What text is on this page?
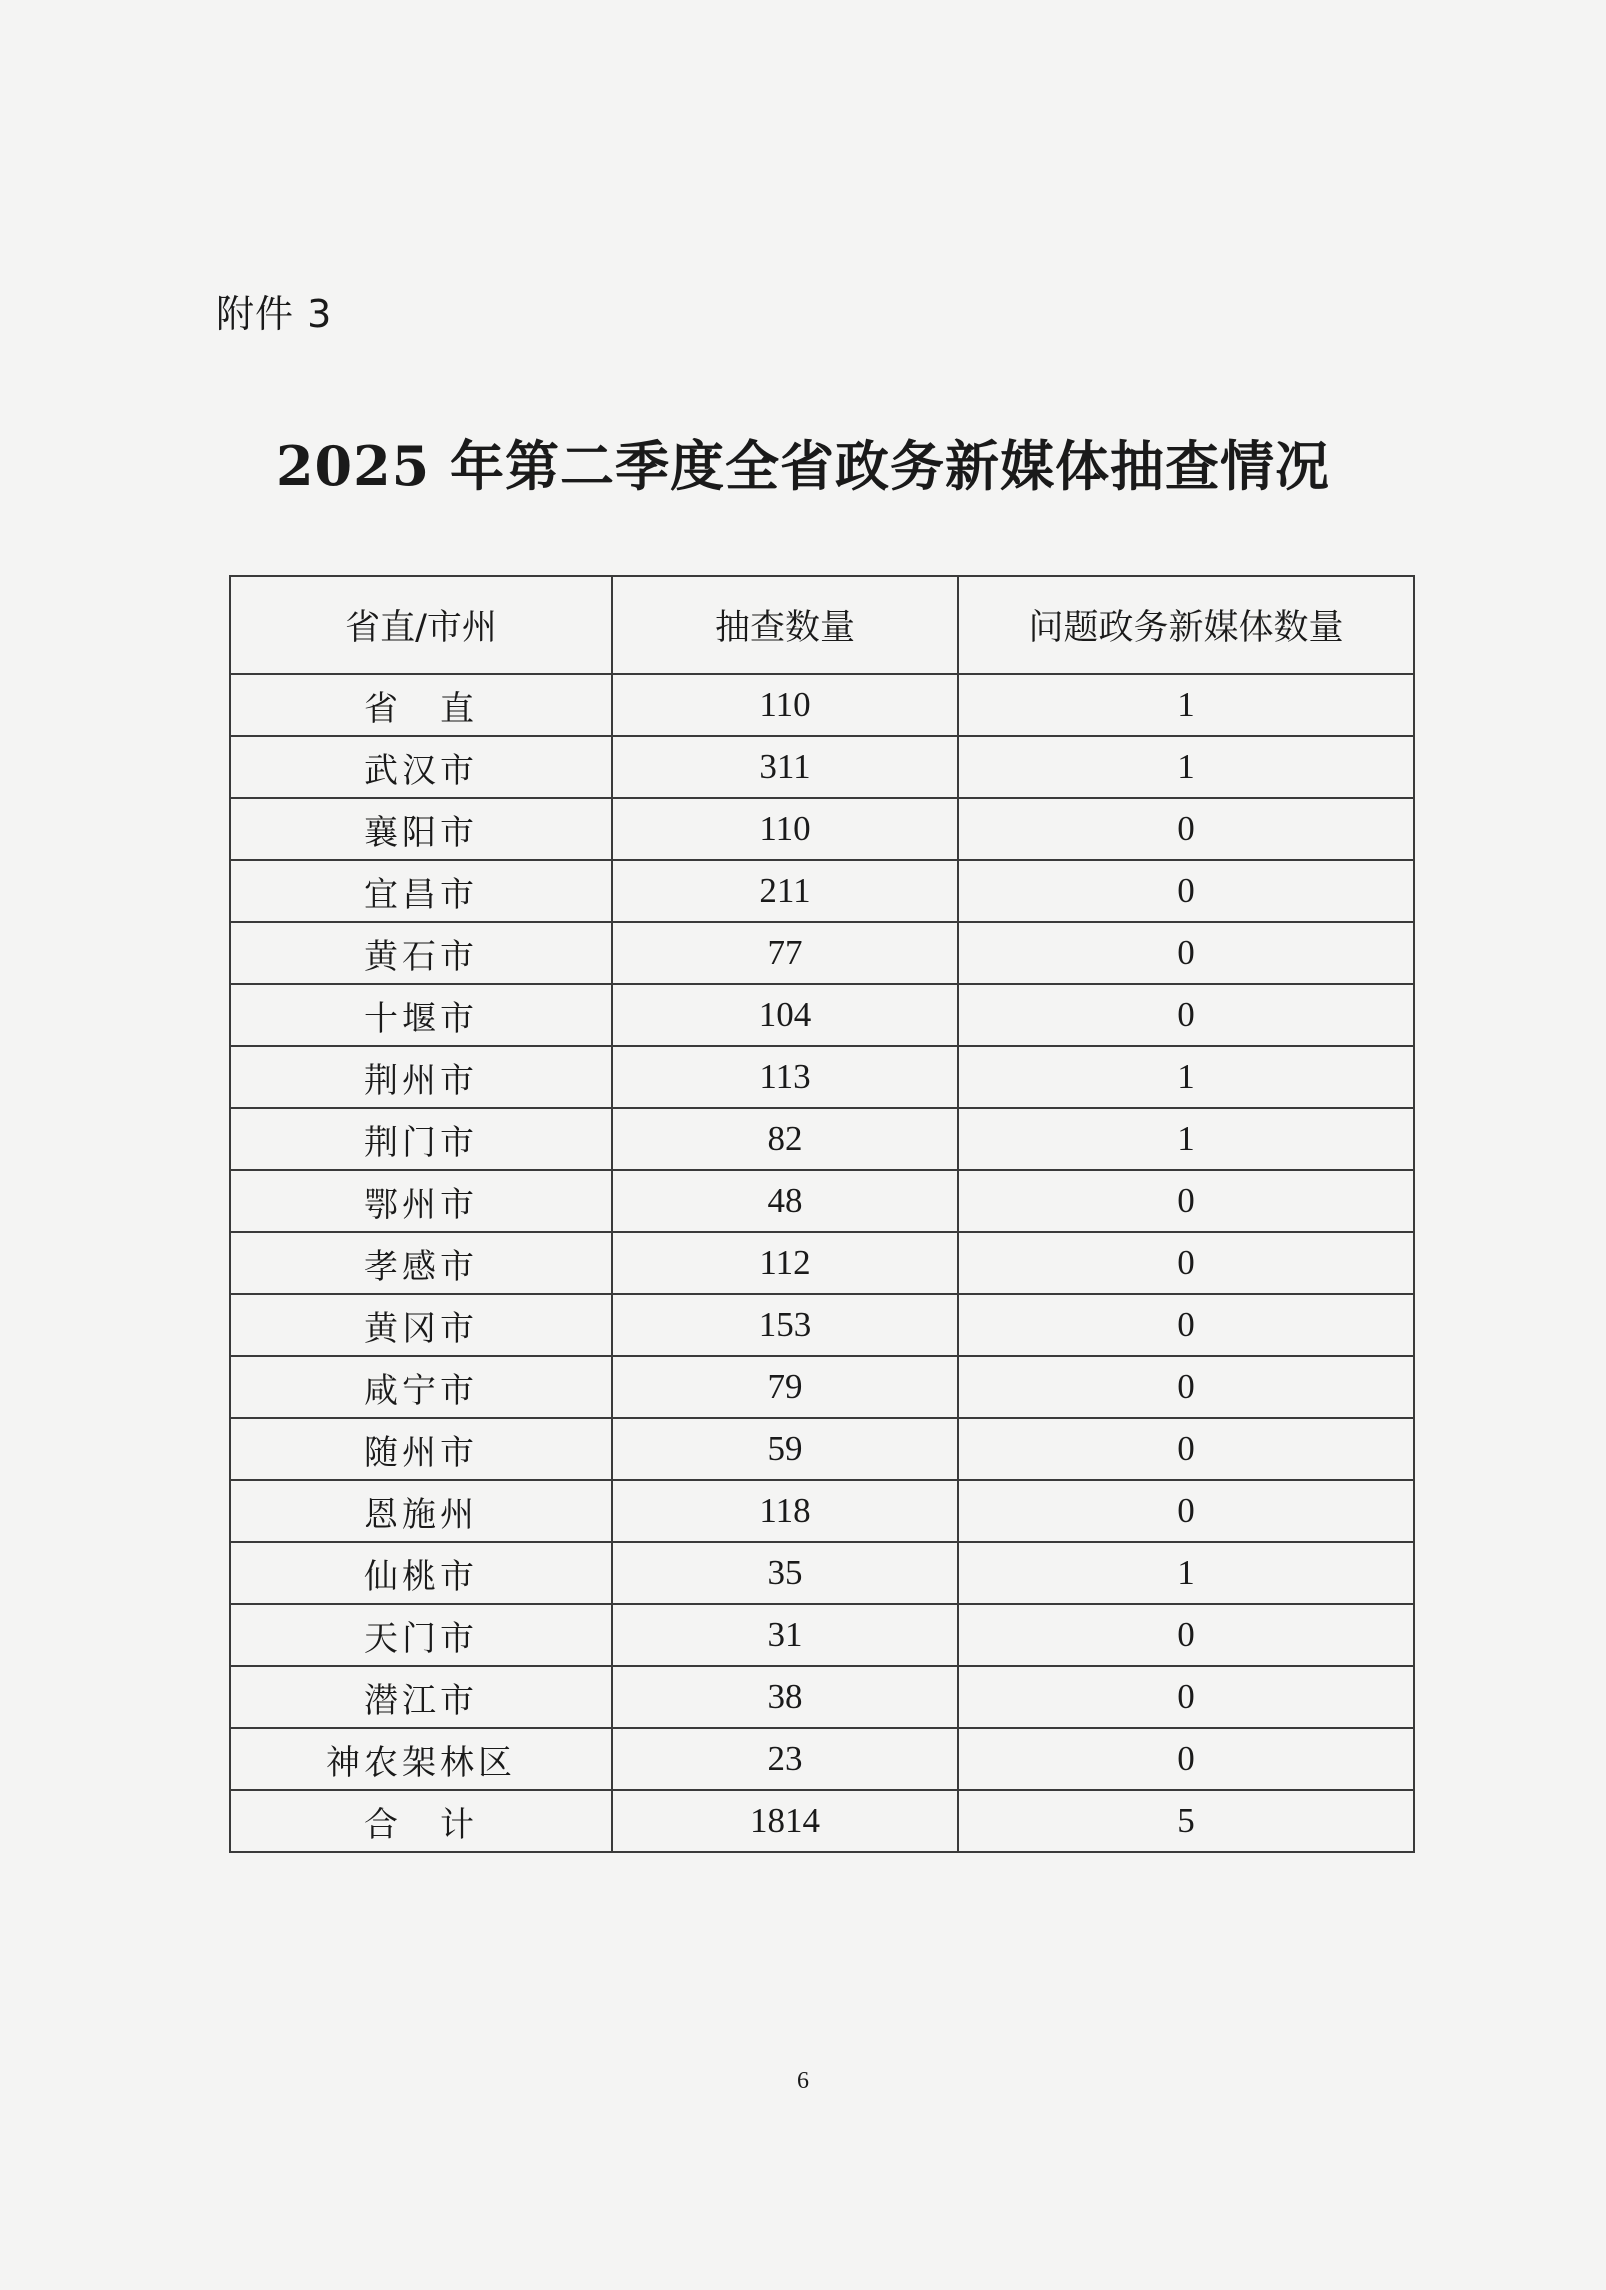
附件 3
2025 年第二季度全省政务新媒体抽查情况
省直/市州	抽查数量	问题政务新媒体数量
省　直	110	1
武汉市	311	1
襄阳市	110	0
宜昌市	211	0
黄石市	77	0
十堰市	104	0
荆州市	113	1
荆门市	82	1
鄂州市	48	0
孝感市	112	0
黄冈市	153	0
咸宁市	79	0
随州市	59	0
恩施州	118	0
仙桃市	35	1
天门市	31	0
潜江市	38	0
神农架林区	23	0
合　计	1814	5
6
